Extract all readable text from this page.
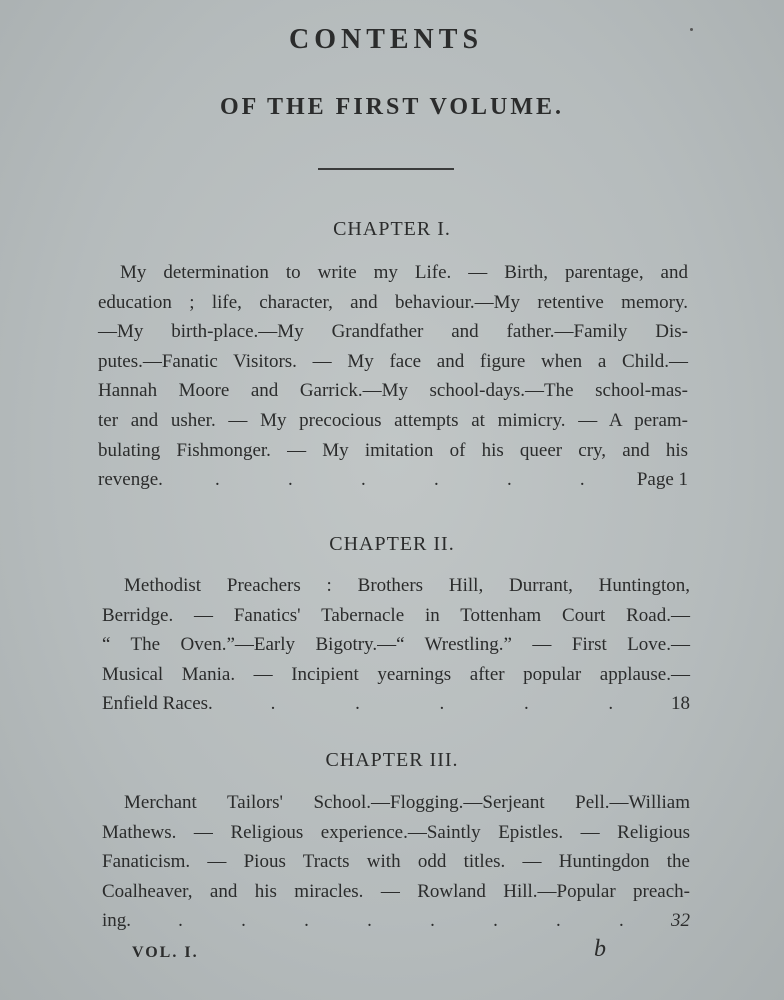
CONTENTS
OF THE FIRST VOLUME.
CHAPTER I.
My determination to write my Life. — Birth, parentage, and
education ; life, character, and behaviour.—My retentive memory.
—My birth-place.—My Grandfather and father.—Family Dis-
putes.—Fanatic Visitors. — My face and figure when a Child.—
Hannah Moore and Garrick.—My school-days.—The school-mas-
ter and usher. — My precocious attempts at mimicry. — A peram-
bulating Fishmonger. — My imitation of his queer cry, and his
revenge.	.	.	.	.	.	.	Page 1
CHAPTER II.
Methodist Preachers : Brothers Hill, Durrant, Huntington,
Berridge. — Fanatics' Tabernacle in Tottenham Court Road.—
“ The Oven.”—Early Bigotry.—“ Wrestling.” — First Love.—
Musical Mania. — Incipient yearnings after popular applause.—
Enfield Races.	.	.	.	.	.	18
CHAPTER III.
Merchant Tailors' School.—Flogging.—Serjeant Pell.—William
Mathews. — Religious experience.—Saintly Epistles. — Religious
Fanaticism. — Pious Tracts with odd titles. — Huntingdon the
Coalheaver, and his miracles. — Rowland Hill.—Popular preach-
ing. .	.	.	.	.	.	.	. 32
VOL. I.	b
